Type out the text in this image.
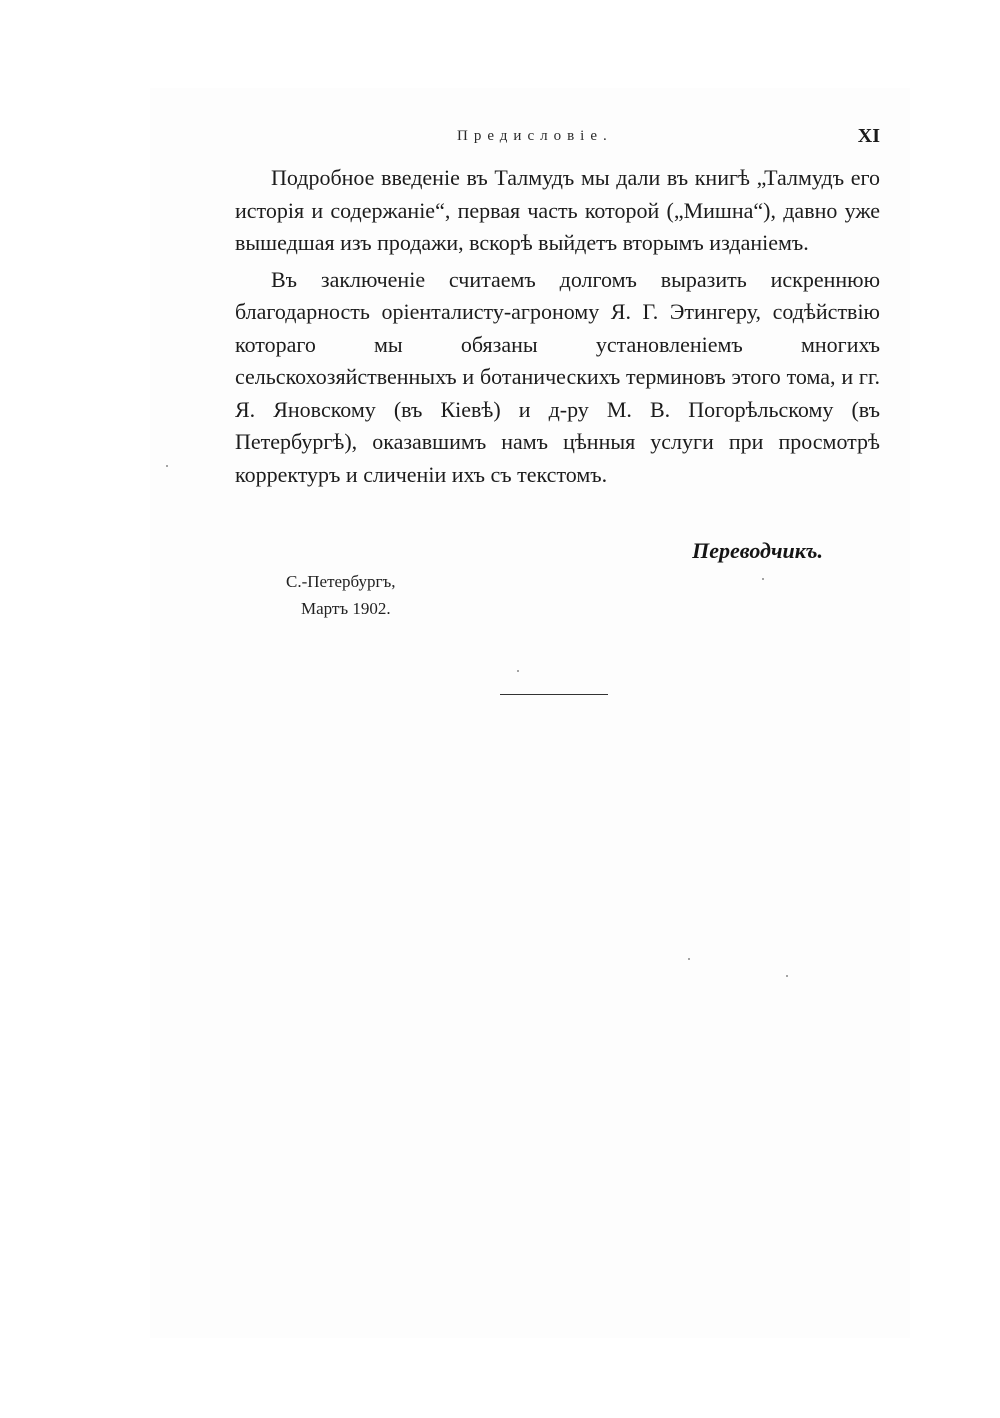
Предисловіе.	XI

Подробное введеніе въ Талмудъ мы дали въ книгѣ „Талмудъ его исторія и содержаніе“, первая часть которой („Мишна“), давно уже вышедшая изъ продажи, вскорѣ выйдетъ вторымъ изданіемъ.

Въ заключеніе считаемъ долгомъ выразить искреннюю благодарность оріенталисту-агроному Я. Г. Этингеру, содѣйствію котораго мы обязаны установленіемъ многихъ сельскохозяйственныхъ и ботаническихъ терминовъ этого тома, и гг. Я. Яновскому (въ Кіевѣ) и д-ру М. В. Погорѣльскому (въ Петербургѣ), оказавшимъ намъ цѣнныя услуги при просмотрѣ корректуръ и сличеніи ихъ съ текстомъ.

Переводчикъ.
С.-Петербургъ,
Мартъ 1902.
